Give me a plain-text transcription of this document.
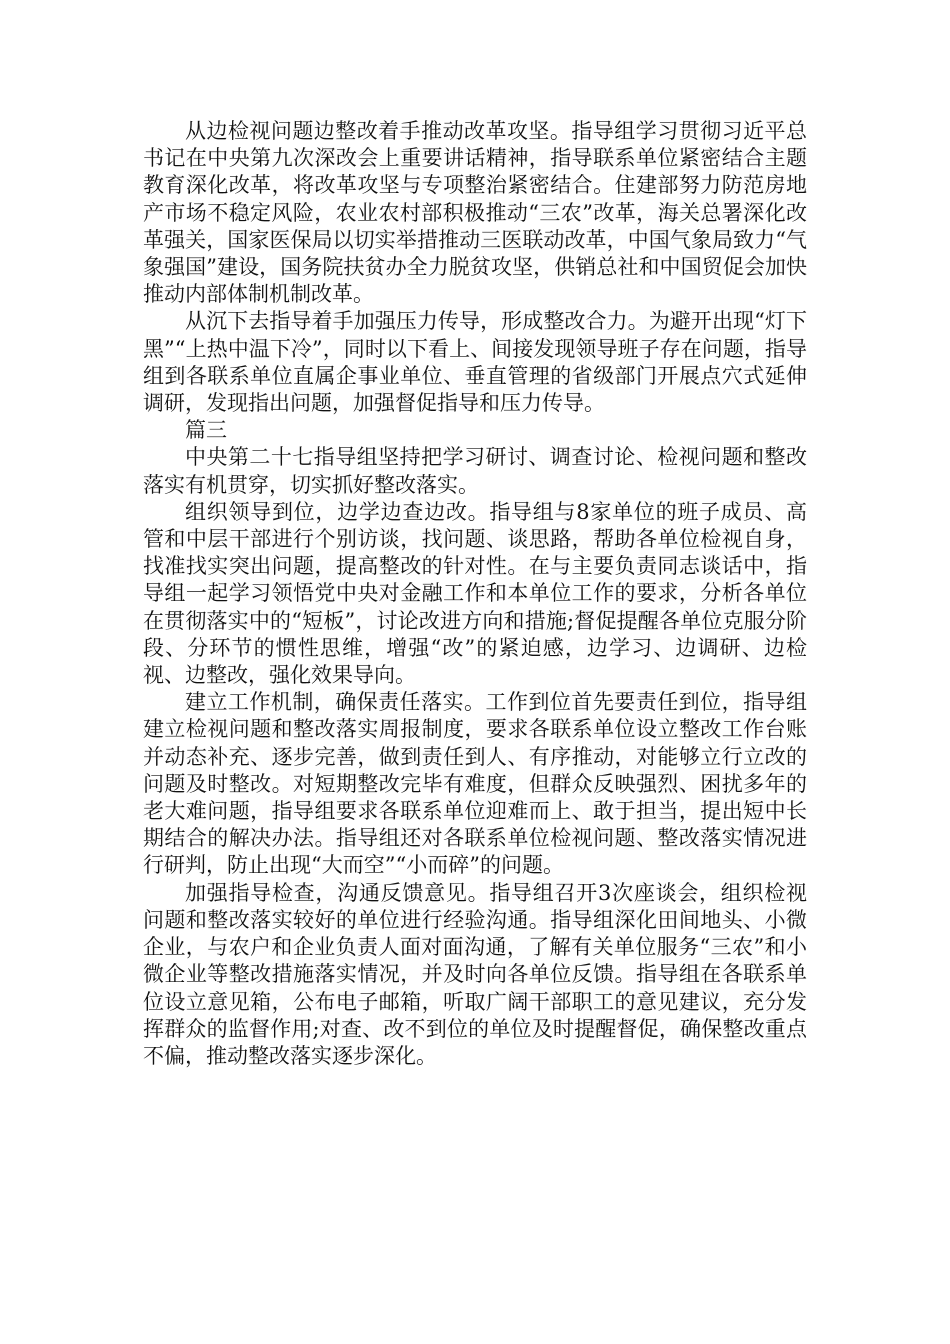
从边检视问题边整改着手推动改革攻坚。指导组学习贯彻习近平总书记在中央第九次深改会上重要讲话精神，指导联系单位紧密结合主题教育深化改革，将改革攻坚与专项整治紧密结合。住建部努力防范房地产市场不稳定风险，农业农村部积极推动“三农”改革，海关总署深化改革强关，国家医保局以切实举措推动三医联动改革，中国气象局致力“气象强国”建设，国务院扶贫办全力脱贫攻坚，供销总社和中国贸促会加快推动内部体制机制改革。

从沉下去指导着手加强压力传导，形成整改合力。为避开出现“灯下黑”“上热中温下冷”，同时以下看上、间接发现领导班子存在问题，指导组到各联系单位直属企事业单位、垂直管理的省级部门开展点穴式延伸调研，发现指出问题，加强督促指导和压力传导。

篇三

中央第二十七指导组坚持把学习研讨、调查讨论、检视问题和整改落实有机贯穿，切实抓好整改落实。

组织领导到位，边学边查边改。指导组与8家单位的班子成员、高管和中层干部进行个别访谈，找问题、谈思路，帮助各单位检视自身，找准找实突出问题，提高整改的针对性。在与主要负责同志谈话中，指导组一起学习领悟党中央对金融工作和本单位工作的要求，分析各单位在贯彻落实中的“短板”，讨论改进方向和措施;督促提醒各单位克服分阶段、分环节的惯性思维，增强“改”的紧迫感，边学习、边调研、边检视、边整改，强化效果导向。

建立工作机制，确保责任落实。工作到位首先要责任到位，指导组建立检视问题和整改落实周报制度，要求各联系单位设立整改工作台账并动态补充、逐步完善，做到责任到人、有序推动，对能够立行立改的问题及时整改。对短期整改完毕有难度，但群众反映强烈、困扰多年的老大难问题，指导组要求各联系单位迎难而上、敢于担当，提出短中长期结合的解决办法。指导组还对各联系单位检视问题、整改落实情况进行研判，防止出现“大而空”“小而碎”的问题。

加强指导检查，沟通反馈意见。指导组召开3次座谈会，组织检视问题和整改落实较好的单位进行经验沟通。指导组深化田间地头、小微企业，与农户和企业负责人面对面沟通，了解有关单位服务“三农”和小微企业等整改措施落实情况，并及时向各单位反馈。指导组在各联系单位设立意见箱，公布电子邮箱，听取广阔干部职工的意见建议，充分发挥群众的监督作用;对查、改不到位的单位及时提醒督促，确保整改重点不偏，推动整改落实逐步深化。
